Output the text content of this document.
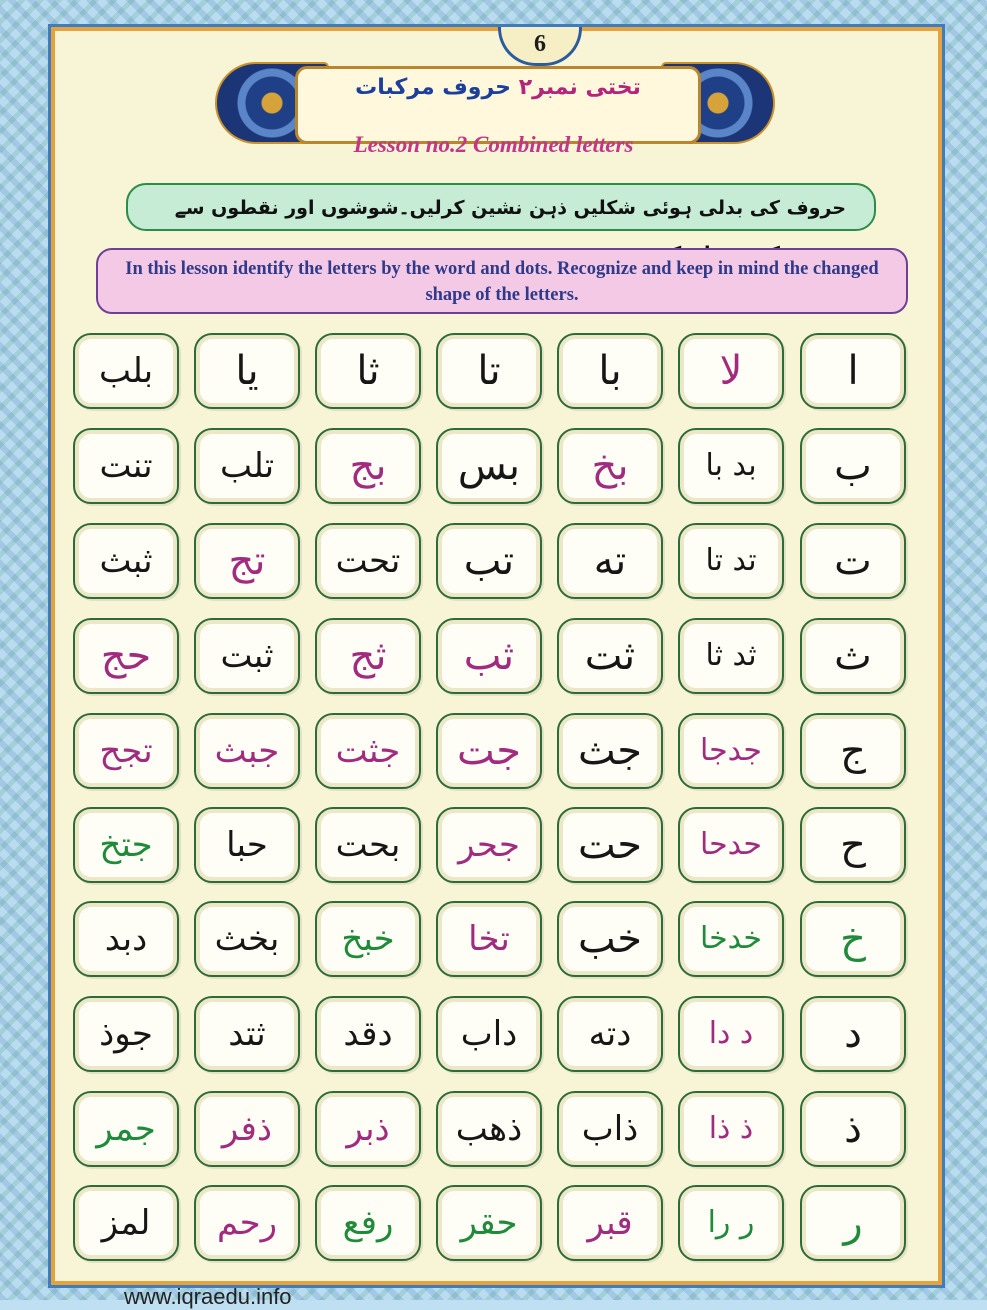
6
تختی نمبر۲ حروف مرکبات
Lesson no.2 Combined letters
حروف کی بدلی ہوئی شکلیں ذہن نشین کرلیں۔شوشوں اور نقطوں سے
In this lesson identify the letters by the word and dots. Recognize and keep in mind the changed shape of the letters.
ا
لا
با
تا
ثا
یا
بلب
ب
بد با
بخ
بس
بج
تلب
تنت
ت
تد تا
ته
تب
تحت
تج
ثبث
ث
ثد ثا
ثت
ثب
ثج
ثبت
حج
ج
جدجا
جث
جت
جثت
جبث
تجح
ح
حدحا
حت
جحر
بحت
حبا
جتخ
خ
خدخا
خب
تخا
خبخ
بخث
دبد
د
د دا
دته
داب
دقد
ثتد
جوذ
ذ
ذ ذا
ذاب
ذهب
ذبر
ذفر
جمر
ر
ر را
قبر
حقر
رفع
رحم
لمز
www.iqraedu.info
